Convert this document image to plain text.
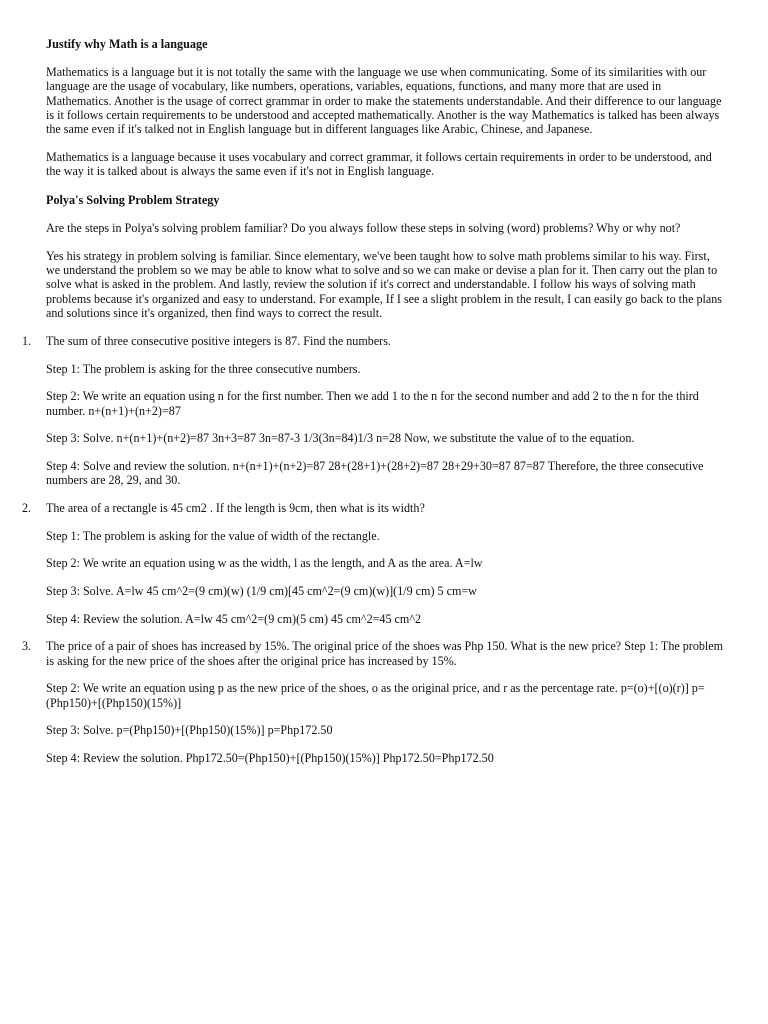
Justify why Math is a language

Mathematics is a language but it is not totally the same with the language we use when communicating. Some of its similarities with our language are the usage of vocabulary, like numbers, operations, variables, equations, functions, and many more that are used in Mathematics. Another is the usage of correct grammar in order to make the statements understandable. And their difference to our language is it follows certain requirements to be understood and accepted mathematically. Another is the way Mathematics is talked has been always the same even if it's talked not in English language but in different languages like Arabic, Chinese, and Japanese.

Mathematics is a language because it uses vocabulary and correct grammar, it follows certain requirements in order to be understood, and the way it is talked about is always the same even if it's not in English language.

Polya's Solving Problem Strategy

Are the steps in Polya's solving problem familiar? Do you always follow these steps in solving (word) problems? Why or why not?

Yes his strategy in problem solving is familiar. Since elementary, we've been taught how to solve math problems similar to his way. First, we understand the problem so we may be able to know what to solve and so we can make or devise a plan for it. Then carry out the plan to solve what is asked in the problem. And lastly, review the solution if it's correct and understandable. I follow his ways of solving math problems because it's organized and easy to understand. For example, If I see a slight problem in the result, I can easily go back to the plans and solutions since it's organized, then find ways to correct the result.

1. The sum of three consecutive positive integers is 87. Find the numbers.

Step 1: The problem is asking for the three consecutive numbers.

Step 2: We write an equation using n for the first number. Then we add 1 to the n for the second number and add 2 to the n for the third number. n+(n+1)+(n+2)=87

Step 3: Solve. n+(n+1)+(n+2)=87 3n+3=87 3n=87-3 1/3(3n=84)1/3 n=28 Now, we substitute the value of to the equation.

Step 4: Solve and review the solution. n+(n+1)+(n+2)=87 28+(28+1)+(28+2)=87 28+29+30=87 87=87 Therefore, the three consecutive numbers are 28, 29, and 30.

2. The area of a rectangle is 45 cm2 . If the length is 9cm, then what is its width?

Step 1: The problem is asking for the value of width of the rectangle.

Step 2: We write an equation using w as the width, l as the length, and A as the area. A=lw

Step 3: Solve. A=lw 45 cm^2=(9 cm)(w) (1/9 cm)[45 cm^2=(9 cm)(w)](1/9 cm) 5 cm=w

Step 4: Review the solution. A=lw 45 cm^2=(9 cm)(5 cm) 45 cm^2=45 cm^2

3. The price of a pair of shoes has increased by 15%. The original price of the shoes was Php 150. What is the new price? Step 1: The problem is asking for the new price of the shoes after the original price has increased by 15%.

Step 2: We write an equation using p as the new price of the shoes, o as the original price, and r as the percentage rate. p=(o)+[(o)(r)] p=(Php150)+[(Php150)(15%)]

Step 3: Solve. p=(Php150)+[(Php150)(15%)] p=Php172.50

Step 4: Review the solution. Php172.50=(Php150)+[(Php150)(15%)] Php172.50=Php172.50
